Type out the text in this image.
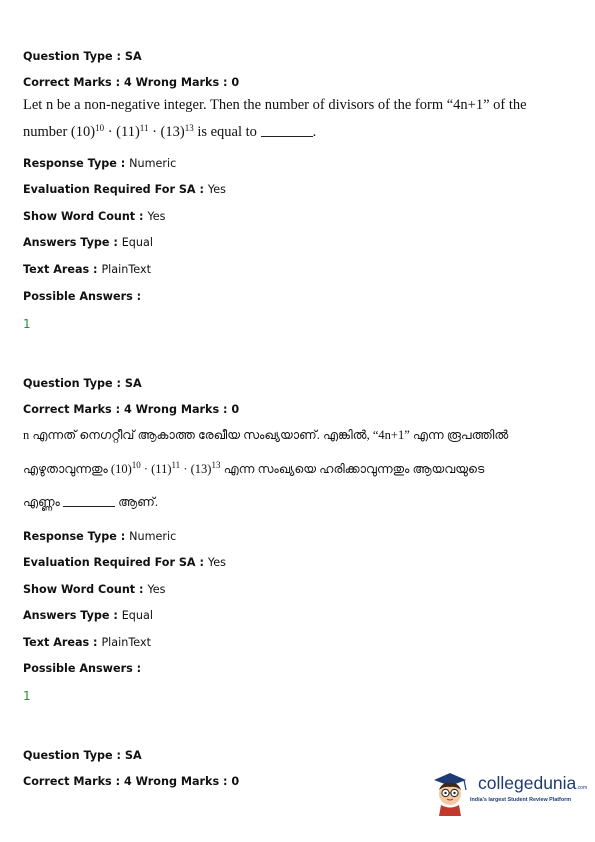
Question Type : SA
Correct Marks : 4 Wrong Marks : 0
Let n be a non-negative integer. Then the number of divisors of the form “4n+1” of the
number $(10)^{10} \cdot (11)^{11} \cdot (13)^{13}$ is equal to	.
Response Type : Numeric
Evaluation Required For SA : Yes
Show Word Count : Yes
Answers Type : Equal
Text Areas : PlainText
Possible Answers :
1
Question Type : SA
Correct Marks : 4 Wrong Marks : 0
n എന്നത് നെഗറ്റീവ് ആകാത്ത രേഖീയ സംഖ്യയാണ്. എങ്കിൽ, “4n+1” എന്ന രൂപത്തിൽ
എഴുതാവുന്നതും $(10)^{10} \cdot (11)^{11} \cdot (13)^{13}$ എന്ന സംഖ്യയെ ഹരിക്കാവുന്നതും ആയവയുടെ
എണ്ണം	ആണ്.
Response Type : Numeric
Evaluation Required For SA : Yes
Show Word Count : Yes
Answers Type : Equal
Text Areas : PlainText
Possible Answers :
1
Question Type : SA
Correct Marks : 4 Wrong Marks : 0	collegedunia.com
India's largest Student Review Platform
